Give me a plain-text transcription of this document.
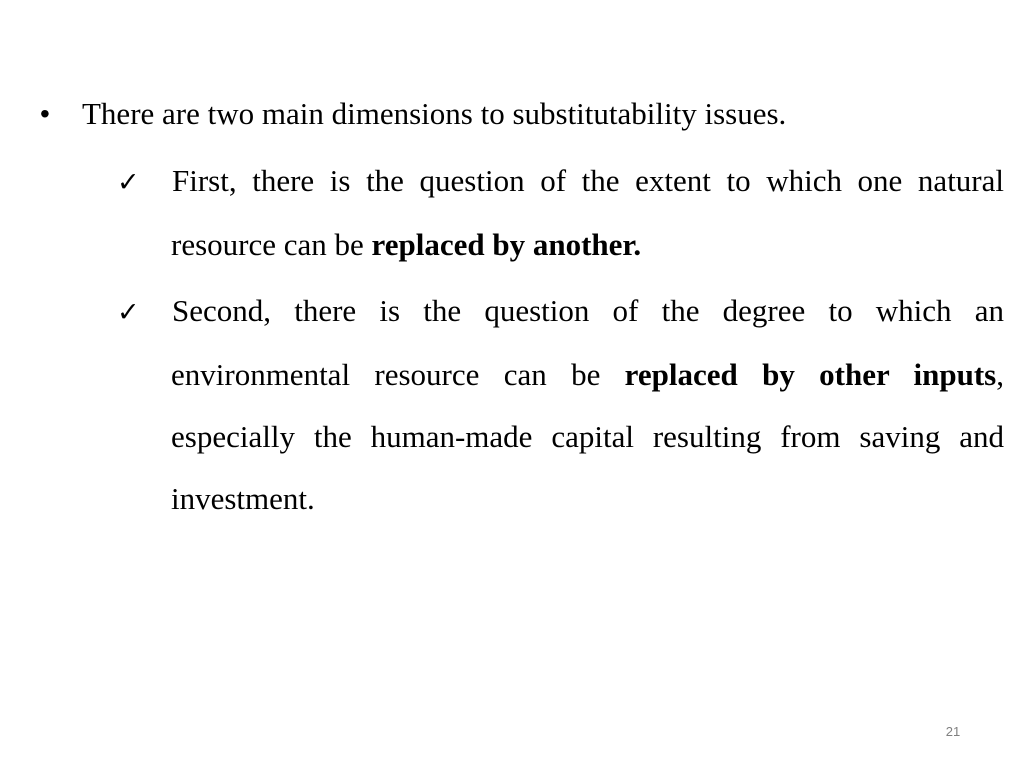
•	There are two main dimensions to substitutability issues.
✓ First, there is the question of the extent to which one natural resource can be replaced by another.
✓ Second, there is the question of the degree to which an environmental resource can be replaced by other inputs, especially the human-made capital resulting from saving and investment.
21
